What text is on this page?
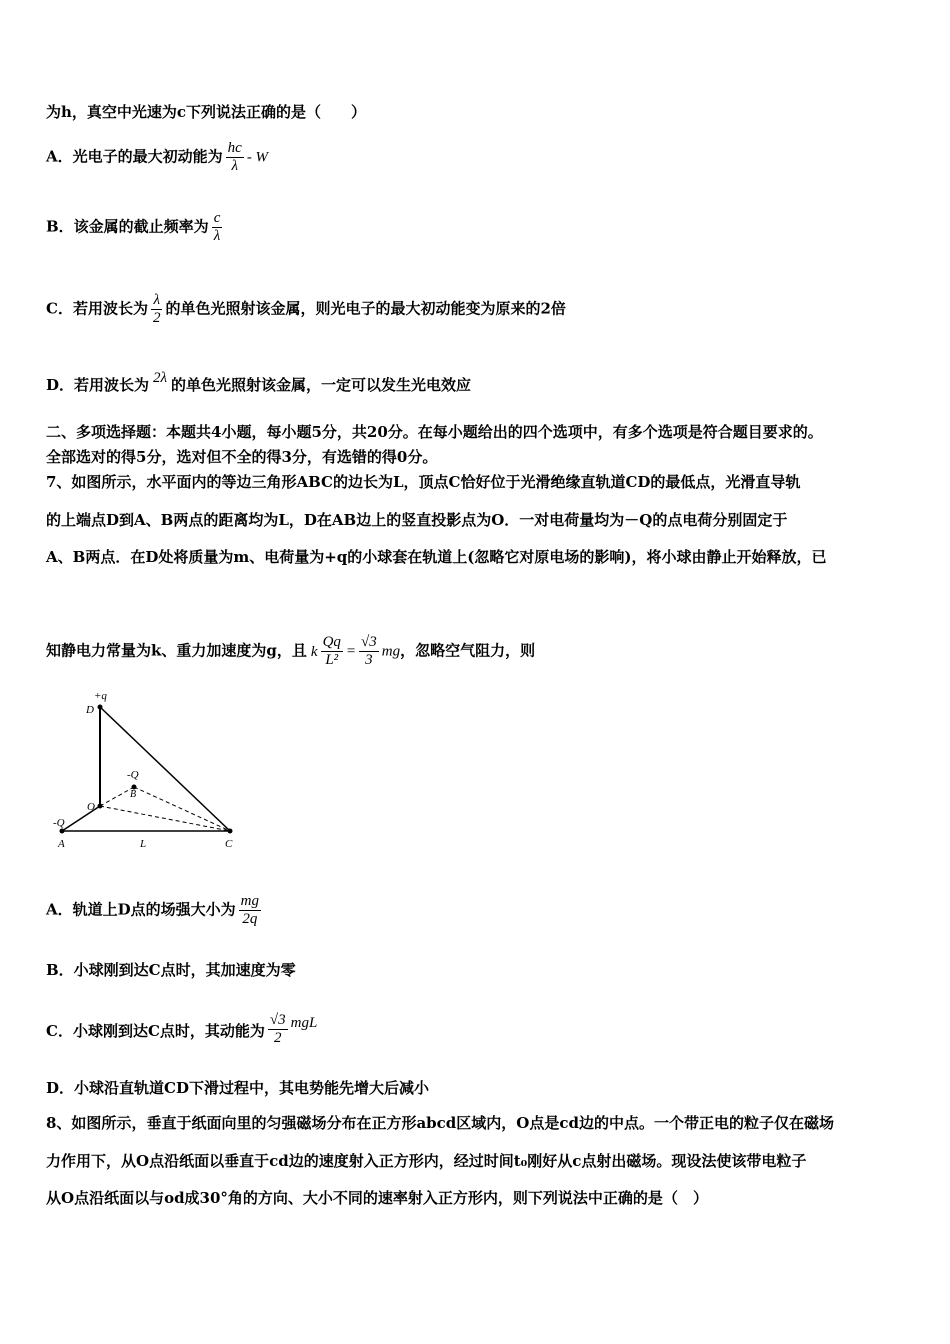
为h，真空中光速为c下列说法正确的是（　　）
A．光电子的最大初动能为 $\frac{hc}{\lambda}$ - W
B．该金属的截止频率为 $\frac{c}{\lambda}$
C．若用波长为 $\frac{\lambda}{2}$ 的单色光照射该金属，则光电子的最大初动能变为原来的2倍
D．若用波长为 2λ 的单色光照射该金属，一定可以发生光电效应
二、多项选择题：本题共4小题，每小题5分，共20分。在每小题给出的四个选项中，有多个选项是符合题目要求的。
全部选对的得5分，选对但不全的得3分，有选错的得0分。
7、如图所示，水平面内的等边三角形ABC的边长为L，顶点C恰好位于光滑绝缘直轨道CD的最低点，光滑直导轨
的上端点D到A、B两点的距离均为L，D在AB边上的竖直投影点为O．一对电荷量均为－Q的点电荷分别固定于
A、B两点．在D处将质量为m、电荷量为+q的小球套在轨道上(忽略它对原电场的影响)，将小球由静止开始释放，已
知静电力常量为k、重力加速度为g，且 k $\frac{Qq}{\text{L²}} = \frac{√3}{3}$ mg，忽略空气阻力，则
+q
D
-Q
B
O
-Q
A	L	C
A．轨道上D点的场强大小为 $\frac{mg}{2q}$
B．小球刚到达C点时，其加速度为零
C．小球刚到达C点时，其动能为 $\frac{√3}{2}$ mgL
D．小球沿直轨道CD下滑过程中，其电势能先增大后减小
8、如图所示，垂直于纸面向里的匀强磁场分布在正方形abcd区域内，O点是cd边的中点。一个带正电的粒子仅在磁场
力作用下，从O点沿纸面以垂直于cd边的速度射入正方形内，经过时间t₀刚好从c点射出磁场。现设法使该带电粒子
从O点沿纸面以与od成30°角的方向、大小不同的速率射入正方形内，则下列说法中正确的是（　）
